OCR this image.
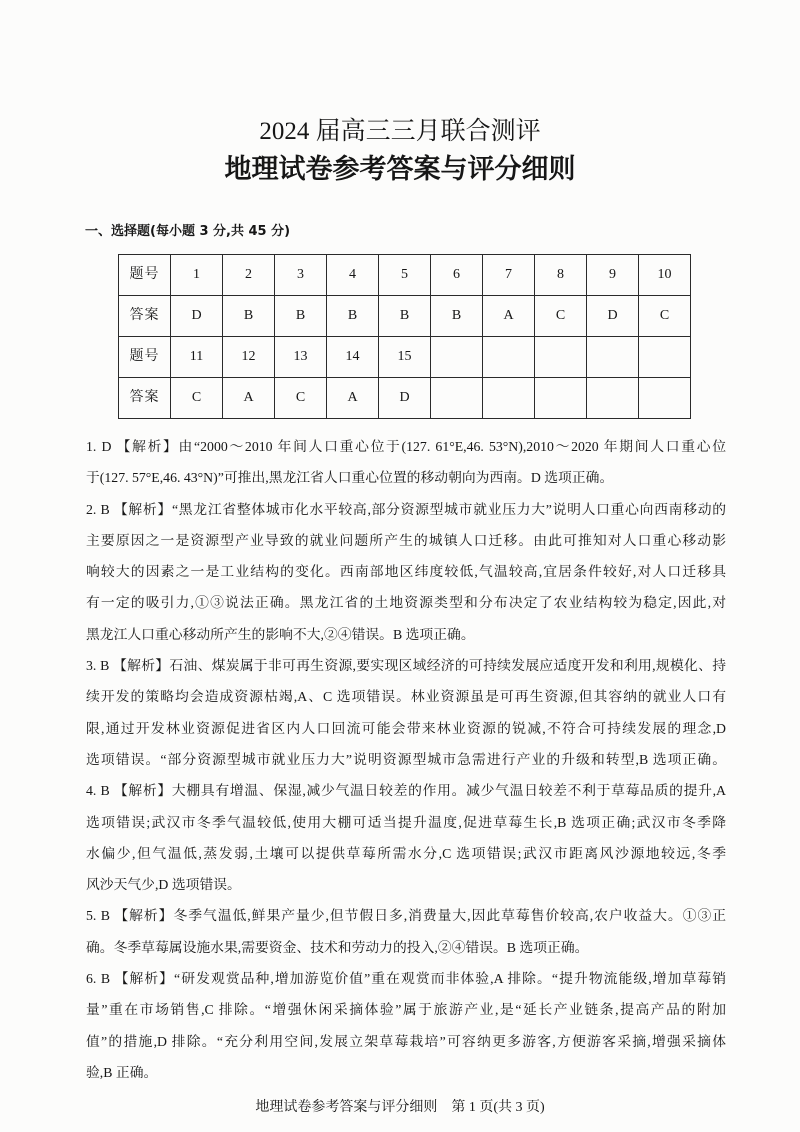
2024 届高三三月联合测评
地理试卷参考答案与评分细则
一、选择题(每小题 3 分,共 45 分)
题号	1	2	3	4	5	6	7	8	9	10
答案	D	B	B	B	B	B	A	C	D	C
题号	11	12	13	14	15					
答案	C	A	C	A	D					
1. D 【解析】由“2000～2010 年间人口重心位于(127. 61°E,46. 53°N),2010～2020 年期间人口重心位
于(127. 57°E,46. 43°N)”可推出,黑龙江省人口重心位置的移动朝向为西南。D 选项正确。
2. B 【解析】“黑龙江省整体城市化水平较高,部分资源型城市就业压力大”说明人口重心向西南移动的
主要原因之一是资源型产业导致的就业问题所产生的城镇人口迁移。由此可推知对人口重心移动影
响较大的因素之一是工业结构的变化。西南部地区纬度较低,气温较高,宜居条件较好,对人口迁移具
有一定的吸引力,①③说法正确。黑龙江省的土地资源类型和分布决定了农业结构较为稳定,因此,对
黑龙江人口重心移动所产生的影响不大,②④错误。B 选项正确。
3. B 【解析】石油、煤炭属于非可再生资源,要实现区域经济的可持续发展应适度开发和利用,规模化、持
续开发的策略均会造成资源枯竭,A、C 选项错误。林业资源虽是可再生资源,但其容纳的就业人口有
限,通过开发林业资源促进省区内人口回流可能会带来林业资源的锐减,不符合可持续发展的理念,D
选项错误。“部分资源型城市就业压力大”说明资源型城市急需进行产业的升级和转型,B 选项正确。
4. B 【解析】大棚具有增温、保湿,减少气温日较差的作用。减少气温日较差不利于草莓品质的提升,A
选项错误;武汉市冬季气温较低,使用大棚可适当提升温度,促进草莓生长,B 选项正确;武汉市冬季降
水偏少,但气温低,蒸发弱,土壤可以提供草莓所需水分,C 选项错误;武汉市距离风沙源地较远,冬季
风沙天气少,D 选项错误。
5. B 【解析】冬季气温低,鲜果产量少,但节假日多,消费量大,因此草莓售价较高,农户收益大。①③正
确。冬季草莓属设施水果,需要资金、技术和劳动力的投入,②④错误。B 选项正确。
6. B 【解析】“研发观赏品种,增加游览价值”重在观赏而非体验,A 排除。“提升物流能级,增加草莓销
量”重在市场销售,C 排除。“增强休闲采摘体验”属于旅游产业,是“延长产业链条,提高产品的附加
值”的措施,D 排除。“充分利用空间,发展立架草莓栽培”可容纳更多游客,方便游客采摘,增强采摘体
验,B 正确。
地理试卷参考答案与评分细则 第 1 页(共 3 页)
